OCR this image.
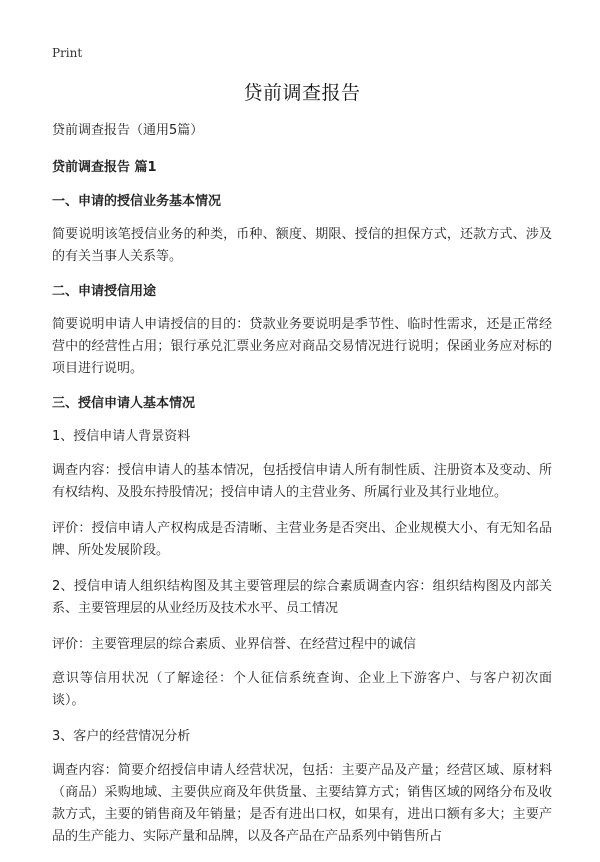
Print
贷前调查报告

贷前调查报告（通用5篇）

贷前调查报告 篇1

一、申请的授信业务基本情况

简要说明该笔授信业务的种类，币种、额度、期限、授信的担保方式，还款方式、涉及的有关当事人关系等。

二、申请授信用途

简要说明申请人申请授信的目的：贷款业务要说明是季节性、临时性需求，还是正常经营中的经营性占用；银行承兑汇票业务应对商品交易情况进行说明；保函业务应对标的项目进行说明。

三、授信申请人基本情况

1、授信申请人背景资料

调查内容：授信申请人的基本情况，包括授信申请人所有制性质、注册资本及变动、所有权结构、及股东持股情况；授信申请人的主营业务、所属行业及其行业地位。

评价：授信申请人产权构成是否清晰、主营业务是否突出、企业规模大小、有无知名品牌、所处发展阶段。

2、授信申请人组织结构图及其主要管理层的综合素质调查内容：组织结构图及内部关系、主要管理层的从业经历及技术水平、员工情况

评价：主要管理层的综合素质、业界信誉、在经营过程中的诚信

意识等信用状况（了解途径：个人征信系统查询、企业上下游客户、与客户初次面谈）。

3、客户的经营情况分析

调查内容：简要介绍授信申请人经营状况，包括：主要产品及产量；经营区域、原材料（商品）采购地域、主要供应商及年供货量、主要结算方式；销售区域的网络分布及收款方式，主要的销售商及年销量；是否有进出口权，如果有，进出口额有多大；主要产品的生产能力、实际产量和品牌，以及各产品在产品系列中销售所占
